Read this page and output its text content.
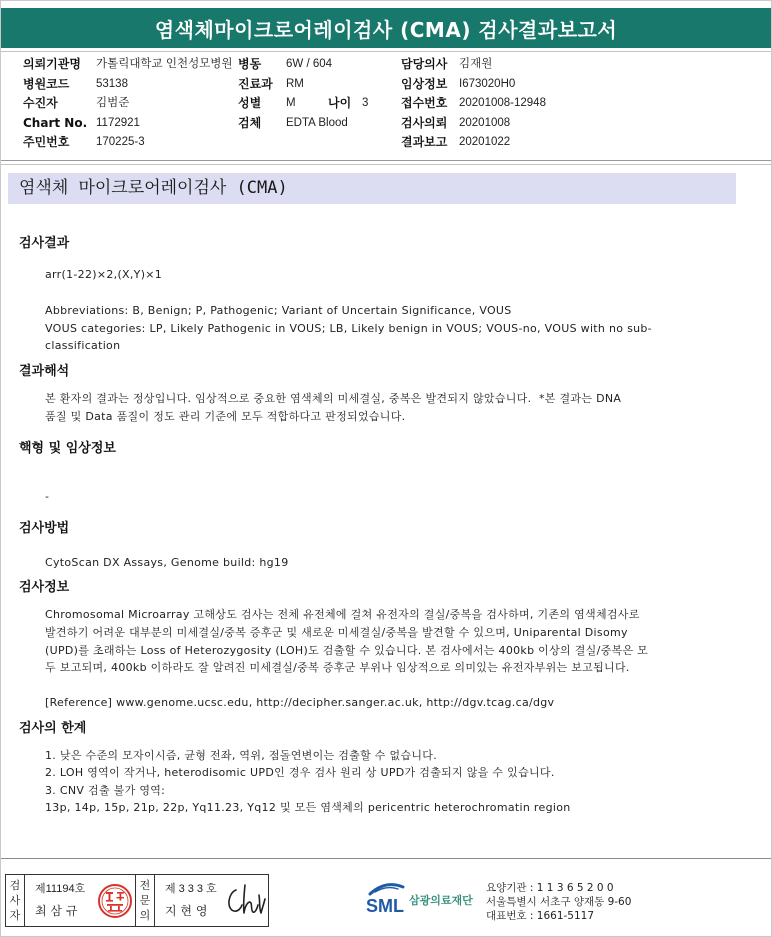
염색체마이크로어레이검사 (CMA) 검사결과보고서
의뢰기관명 가톨릭대학교 인천성모병원 병동 6W / 604	담당의사 김재원
병원코드 53138	진료과 RM	임상정보 I673020H0
수진자	김범준	성별 M	나이 3	접수번호 20201008-12948
Chart No. 1172921	검체 EDTA Blood	검사의뢰 20201008
주민번호 170225-3	결과보고 20201022
염색체 마이크로어레이검사 (CMA)
검사결과
arr(1-22)×2,(X,Y)×1
Abbreviations: B, Benign; P, Pathogenic; Variant of Uncertain Significance, VOUS
VOUS categories: LP, Likely Pathogenic in VOUS; LB, Likely benign in VOUS; VOUS-no, VOUS with no sub-
classification
결과해석
본 환자의 결과는 정상입니다. 임상적으로 중요한 염색체의 미세결실, 중복은 발견되지 않았습니다.  *본 결과는 DNA
품질 및 Data 품질이 정도 관리 기준에 모두 적합하다고 판정되었습니다.
핵형 및 임상정보
-
검사방법
CytoScan DX Assays, Genome build: hg19
검사정보
Chromosomal Microarray 고해상도 검사는 전체 유전체에 걸쳐 유전자의 결실/중복을 검사하며, 기존의 염색체검사로
발견하기 어려운 대부분의 미세결실/중복 증후군 및 새로운 미세결실/중복을 발견할 수 있으며, Uniparental Disomy
(UPD)를 초래하는 Loss of Heterozygosity (LOH)도 검출할 수 있습니다. 본 검사에서는 400kb 이상의 결실/중복은 모
두 보고되며, 400kb 이하라도 잘 알려진 미세결실/중복 증후군 부위나 임상적으로 의미있는 유전자부위는 보고됩니다.
[Reference] www.genome.ucsc.edu, http://decipher.sanger.ac.uk, http://dgv.tcag.ca/dgv
검사의 한계
1. 낮은 수준의 모자이시즘, 균형 전좌, 역위, 점돌연변이는 검출할 수 없습니다.
2. LOH 영역이 작거나, heterodisomic UPD인 경우 검사 원리 상 UPD가 검출되지 않을 수 있습니다.
3. CNV 검출 불가 영역:
13p, 14p, 15p, 21p, 22p, Yq11.23, Yq12 및 모든 염색체의 pericentric heterochromatin region
검사자
제11194호
최 삼 규
전문의
제333호
지 현 영	SML 삼광의료재단
요양기관 : 1 1 3 6 5 2 0 0
서울특별시 서초구 양재동 9-60
대표번호 : 1661-5117
